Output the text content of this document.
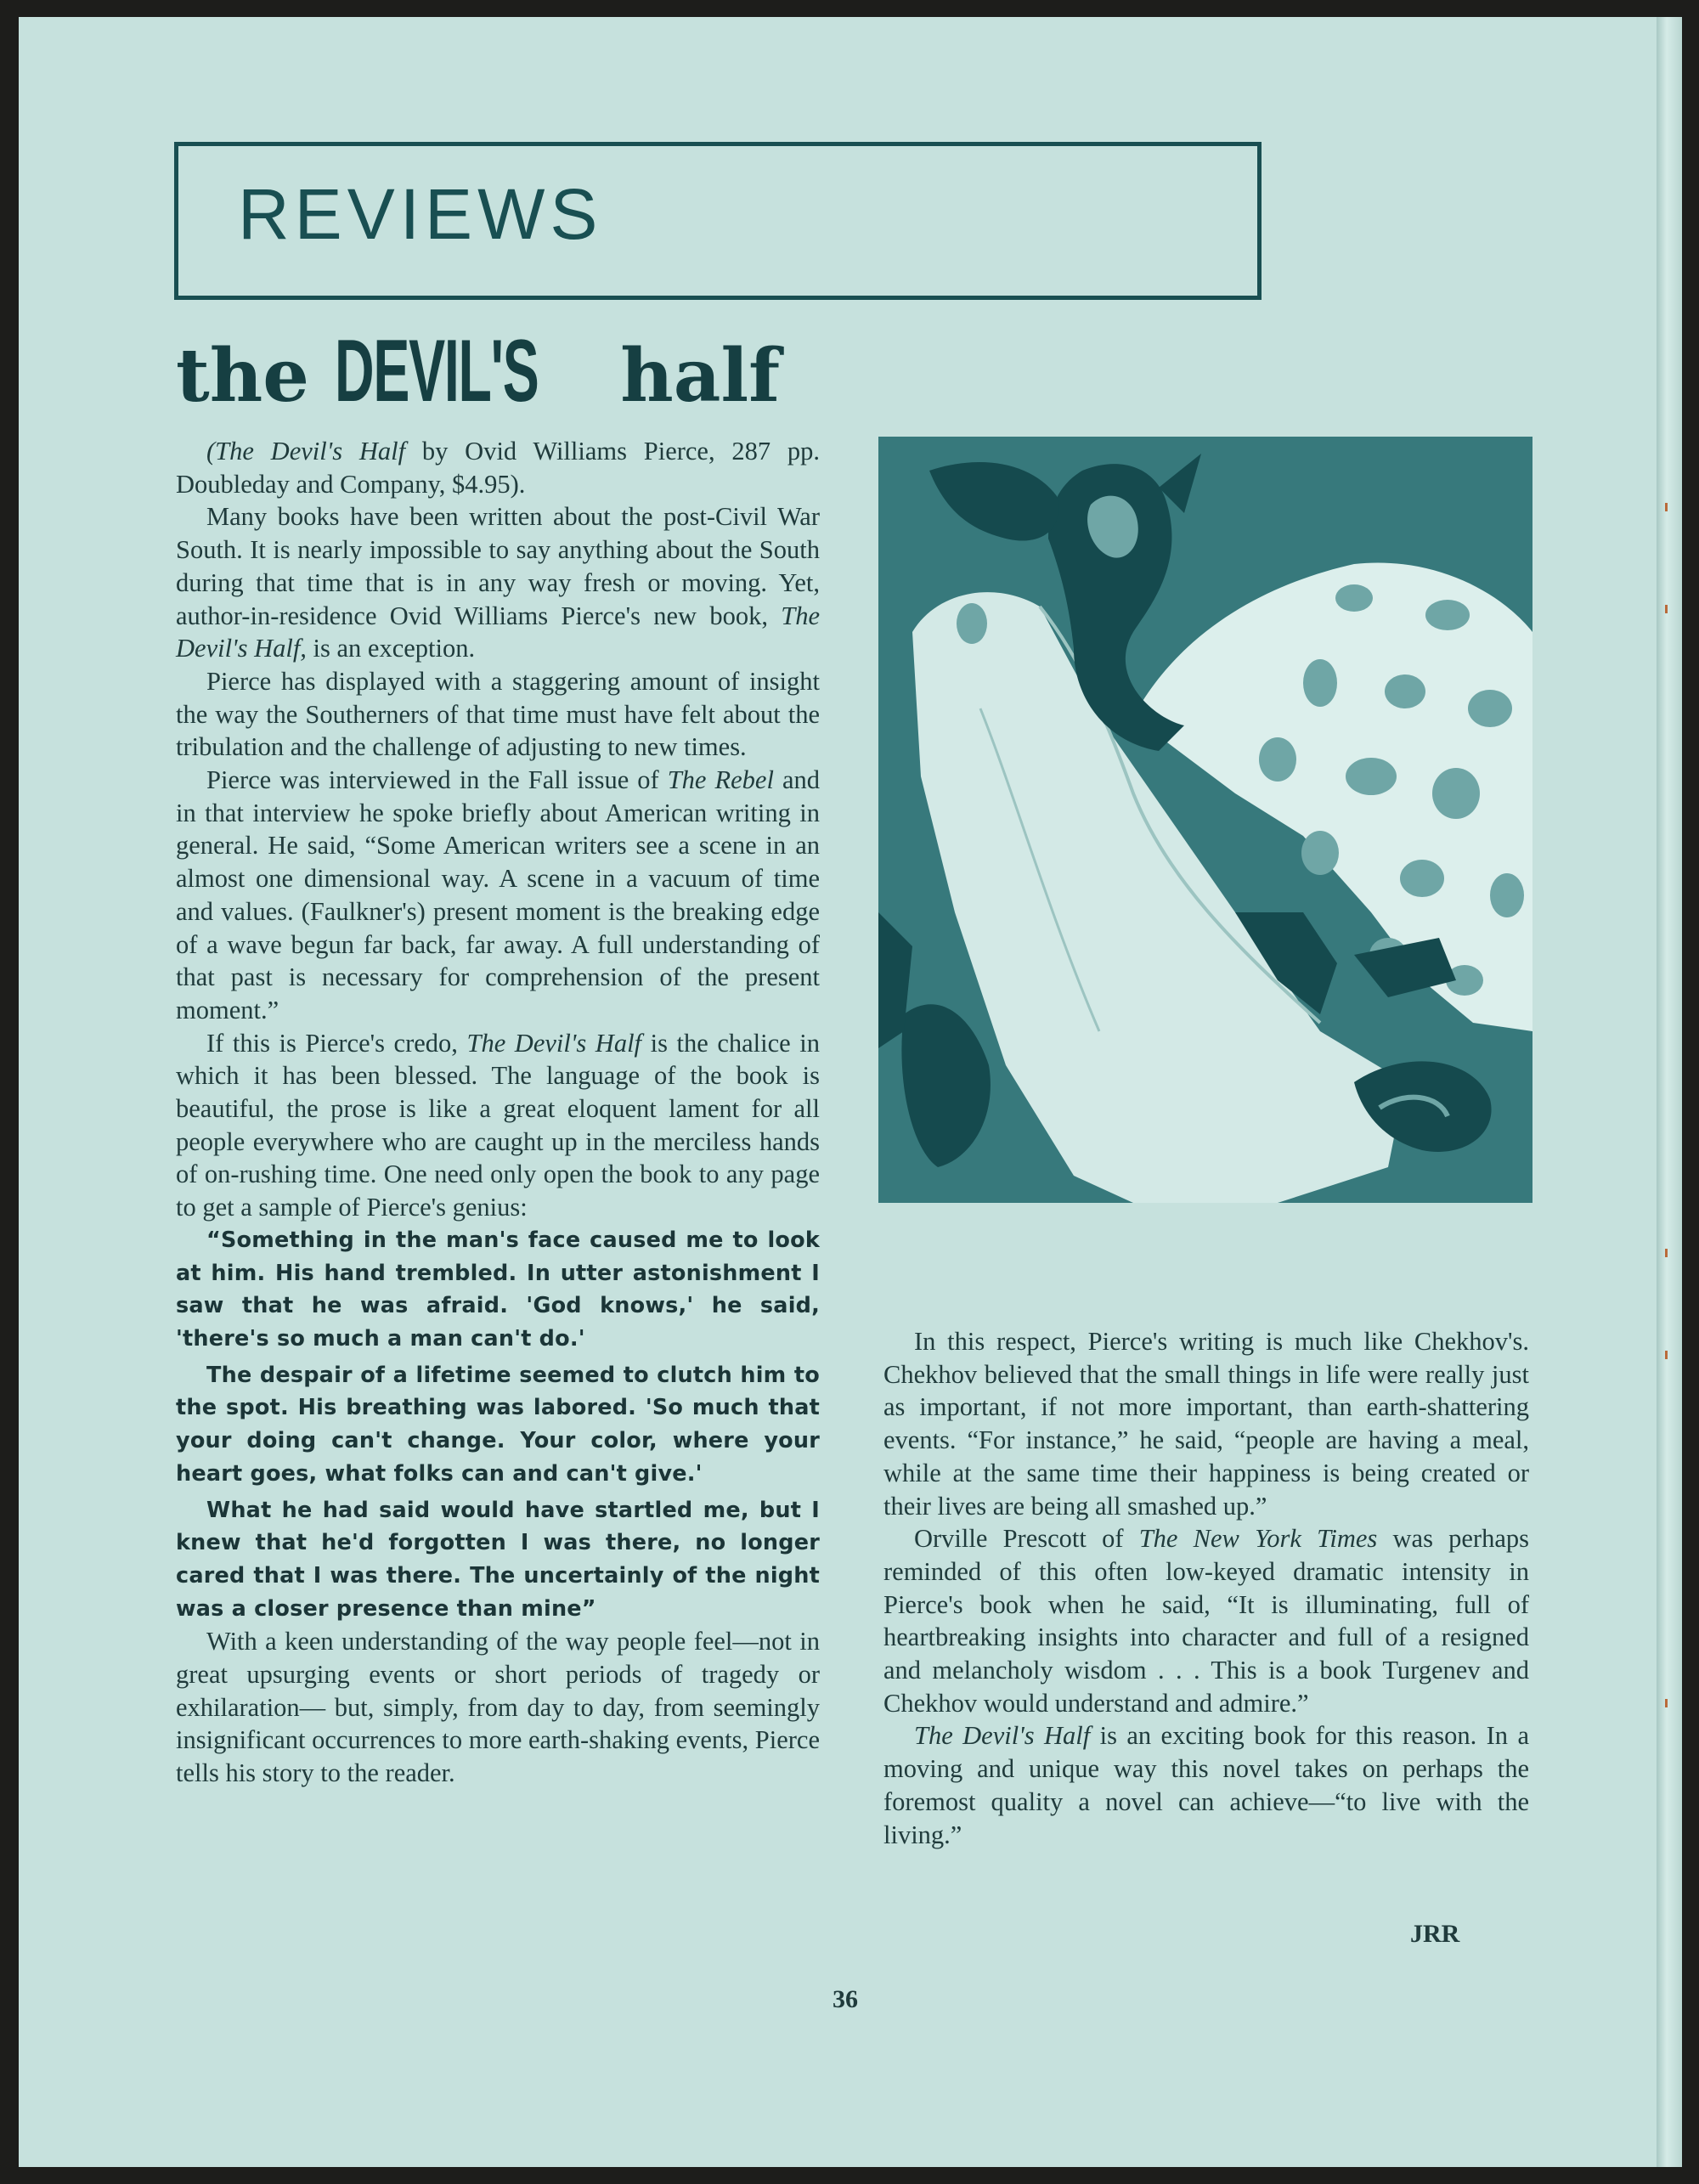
REVIEWS
the DEVIL'S half

(The Devil's Half by Ovid Williams Pierce, 287 pp. Doubleday and Company, $4.95).

Many books have been written about the post-Civil War South. It is nearly impossible to say anything about the South during that time that is in any way fresh or moving. Yet, author-in-residence Ovid Williams Pierce's new book, The Devil's Half, is an exception.

Pierce has displayed with a staggering amount of insight the way the Southerners of that time must have felt about the tribulation and the challenge of adjusting to new times.

Pierce was interviewed in the Fall issue of The Rebel and in that interview he spoke briefly about American writing in general. He said, “Some American writers see a scene in an almost one dimensional way. A scene in a vacuum of time and values. (Faulkner's) present moment is the breaking edge of a wave begun far back, far away. A full understanding of that past is necessary for comprehension of the present moment.”

If this is Pierce's credo, The Devil's Half is the chalice in which it has been blessed. The language of the book is beautiful, the prose is like a great eloquent lament for all people everywhere who are caught up in the merciless hands of on-rushing time. One need only open the book to any page to get a sample of Pierce's genius:

“Something in the man's face caused me to look at him. His hand trembled. In utter astonishment I saw that he was afraid. 'God knows,' he said, 'there's so much a man can't do.'

The despair of a lifetime seemed to clutch him to the spot. His breathing was labored. 'So much that your doing can't change. Your color, where your heart goes, what folks can and can't give.'

What he had said would have startled me, but I knew that he'd forgotten I was there, no longer cared that I was there. The uncertainly of the night was a closer presence than mine”

With a keen understanding of the way people feel—not in great upsurging events or short periods of tragedy or exhilaration— but, simply, from day to day, from seemingly insignificant occurrences to more earth-shaking events, Pierce tells his story to the reader.

In this respect, Pierce's writing is much like Chekhov's. Chekhov believed that the small things in life were really just as important, if not more important, than earth-shattering events. “For instance,” he said, “people are having a meal, while at the same time their happiness is being created or their lives are being all smashed up.”

Orville Prescott of The New York Times was perhaps reminded of this often low-keyed dramatic intensity in Pierce's book when he said, “It is illuminating, full of heartbreaking insights into character and full of a resigned and melancholy wisdom . . . This is a book Turgenev and Chekhov would understand and admire.”

The Devil's Half is an exciting book for this reason. In a moving and unique way this novel takes on perhaps the foremost quality a novel can achieve—“to live with the living.”

JRR
36
